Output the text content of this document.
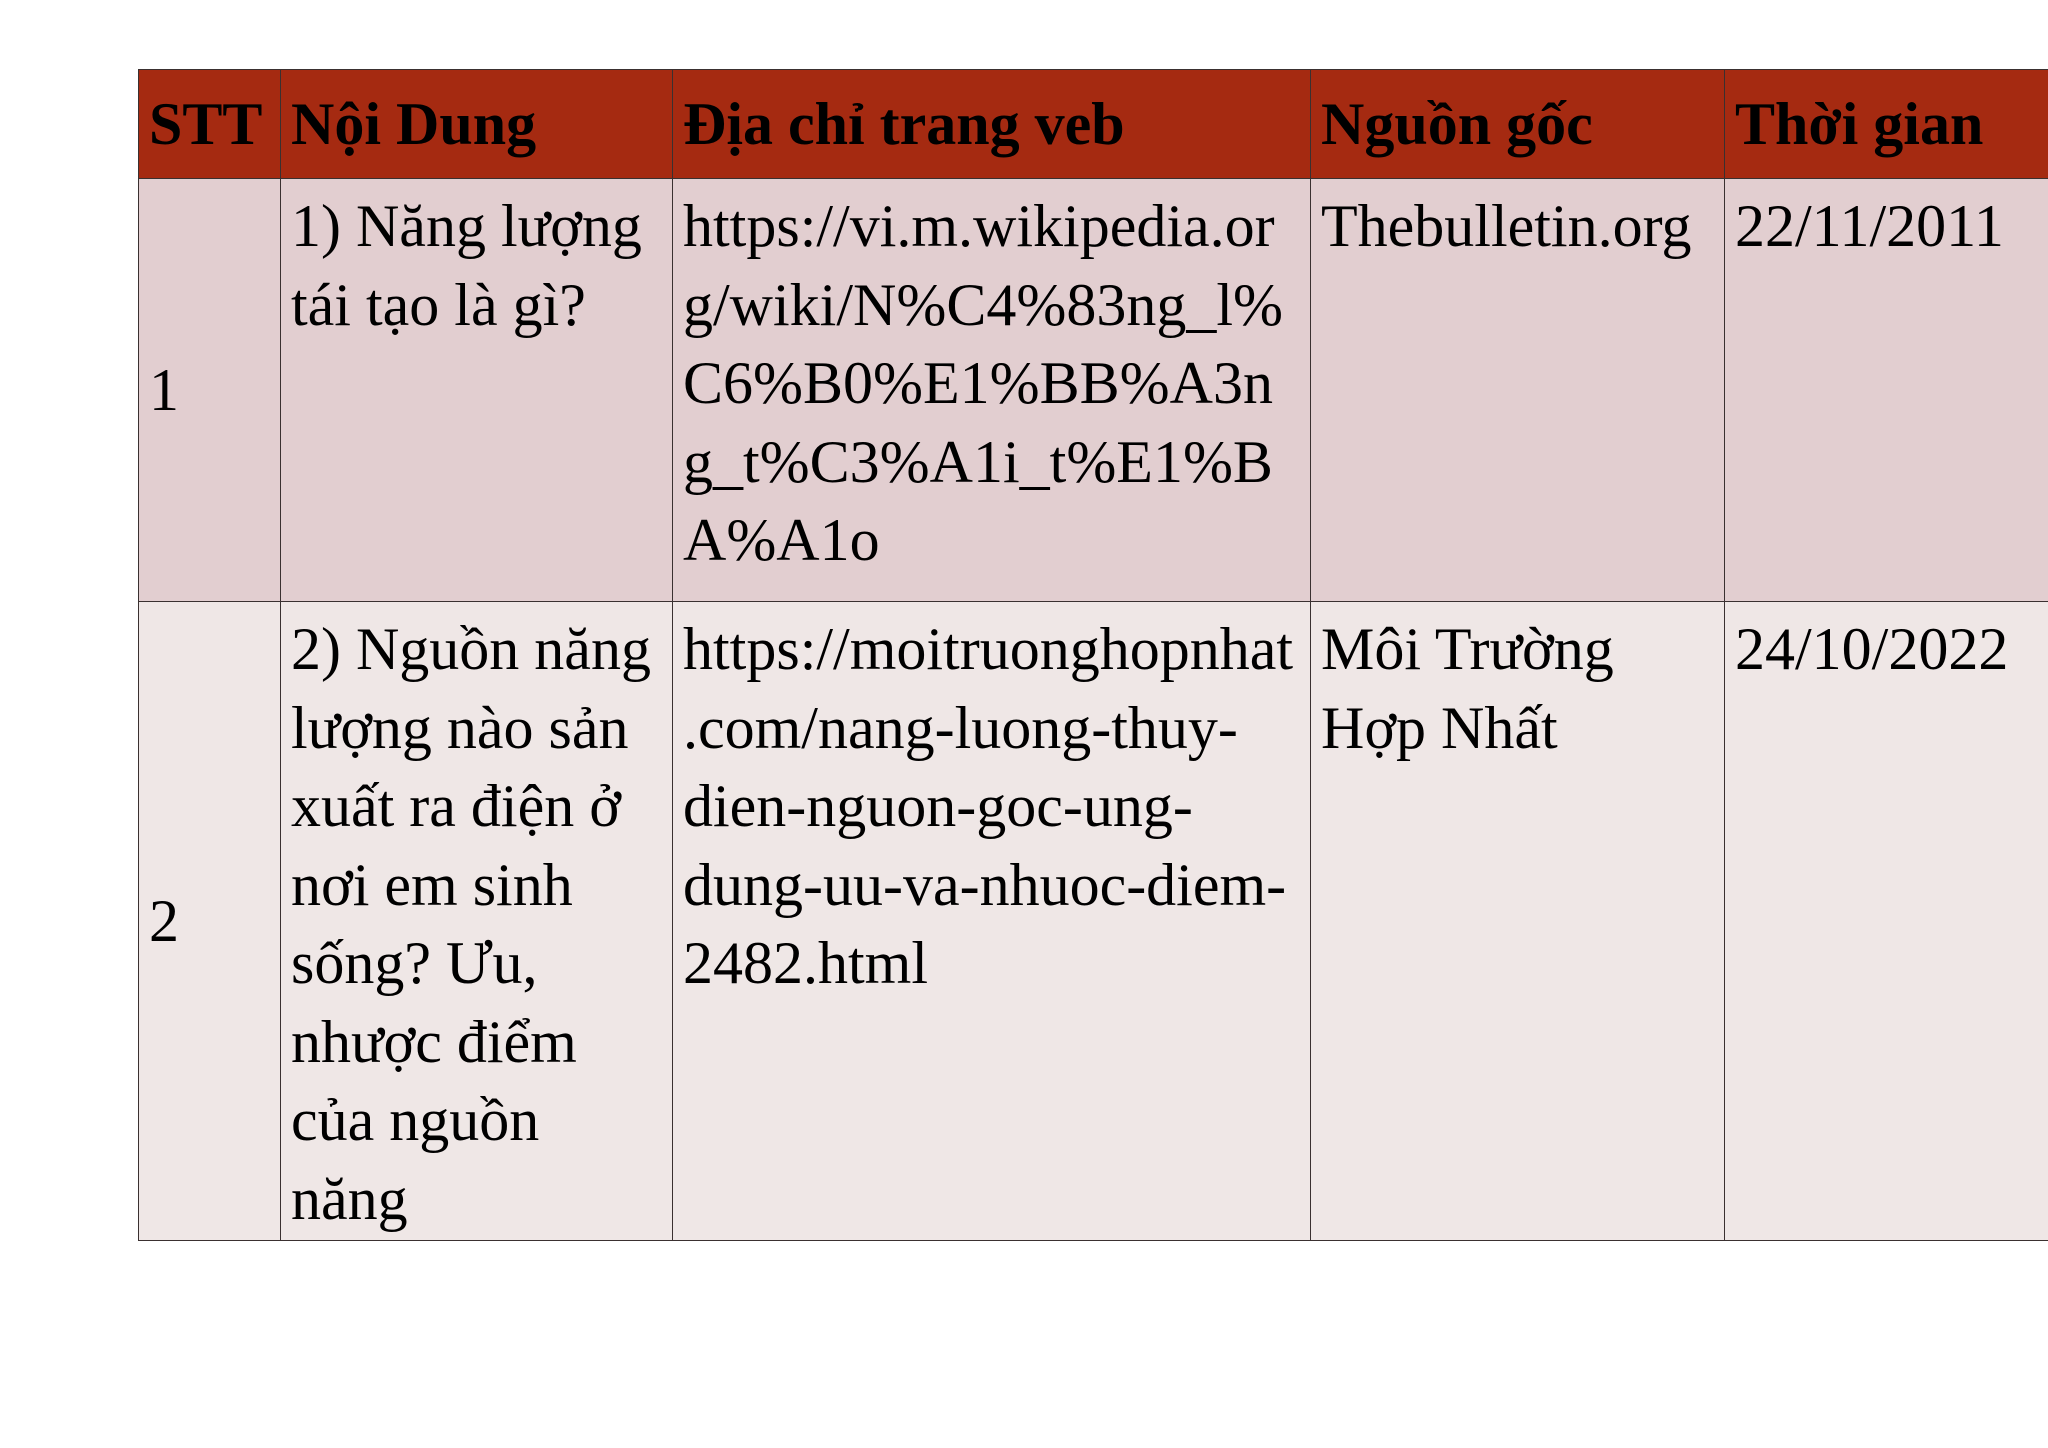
STT	Nội Dung	Địa chỉ trang veb	Nguồn gốc	Thời gian
1	1) Năng lượng tái tạo là gì?	https://vi.m.wikipedia.org/wiki/N%C4%83ng_l%C6%B0%E1%BB%A3ng_t%C3%A1i_t%E1%BA%A1o	Thebulletin.org	22/11/2011

2	2) Nguồn năng lượng nào sản xuất ra điện ở nơi em sinh sống? Ưu, nhược điểm của nguồn năng	https://moitruonghopnhat.com/nang-luong-thuy-dien-nguon-goc-ung-dung-uu-va-nhuoc-diem-2482.html	Môi Trường Hợp Nhất	24/10/2022
